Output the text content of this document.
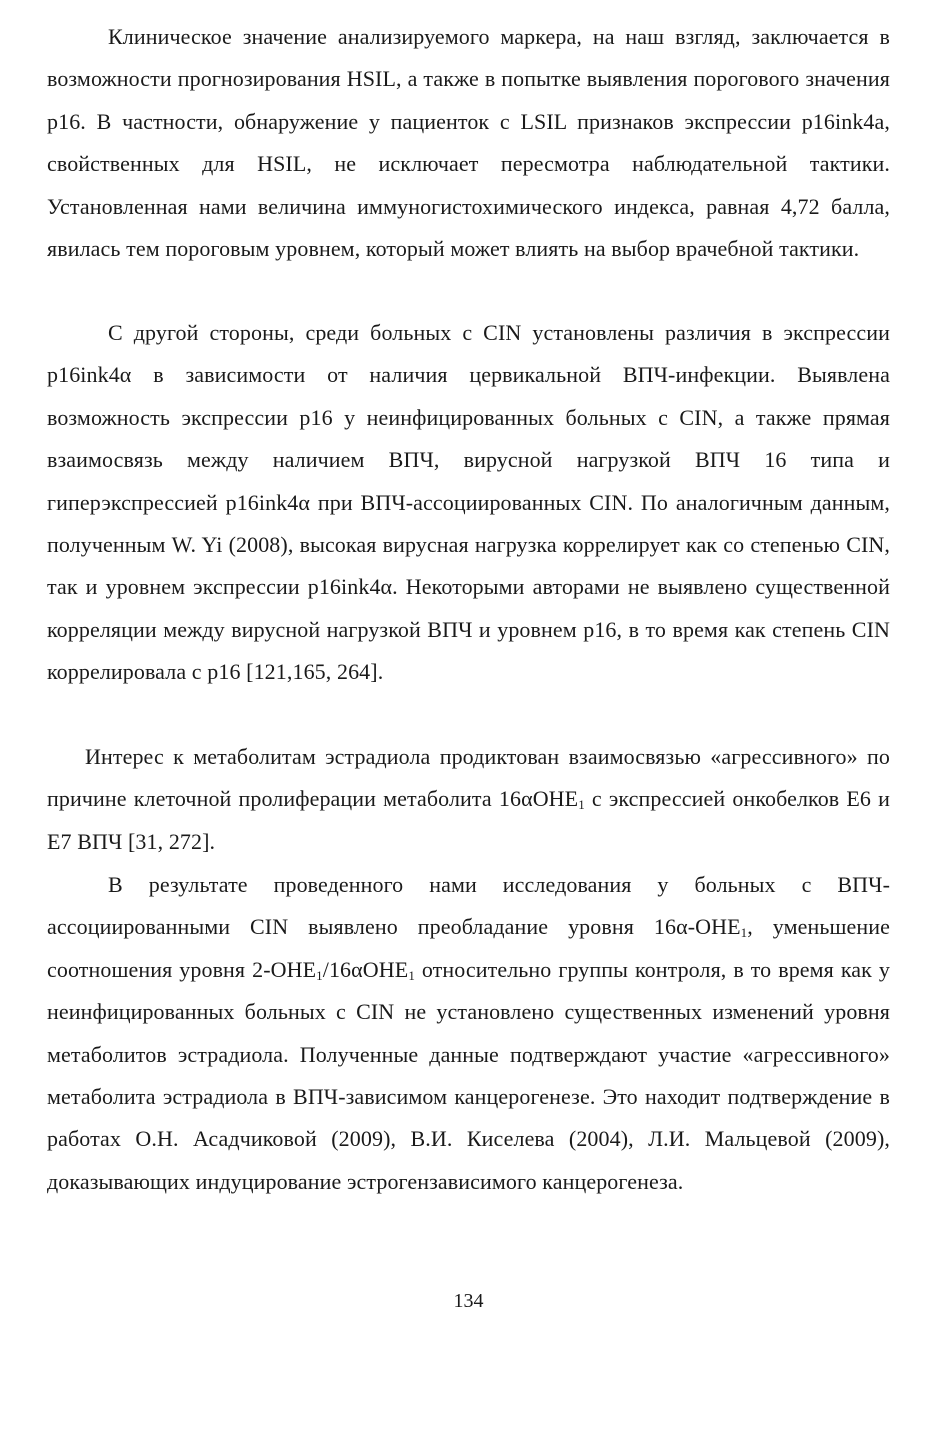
Клиническое значение анализируемого маркера, на наш взгляд, заключается в возможности прогнозирования HSIL, а также в попытке выявления порогового значения p16. В частности, обнаружение у пациенток с LSIL признаков экспрессии p16ink4a, свойственных для HSIL, не исключает пересмотра наблюдательной тактики. Установленная нами величина иммуногистохимического индекса, равная 4,72 балла, явилась тем пороговым уровнем, который может влиять на выбор врачебной тактики.

С другой стороны, среди больных с CIN установлены различия в экспрессии p16ink4α в зависимости от наличия цервикальной ВПЧ-инфекции. Выявлена возможность экспрессии p16 у неинфицированных больных с CIN, а также прямая взаимосвязь между наличием ВПЧ, вирусной нагрузкой ВПЧ 16 типа и гиперэкспрессией p16ink4α при ВПЧ-ассоциированных CIN. По аналогичным данным, полученным W. Yi (2008), высокая вирусная нагрузка коррелирует как со степенью CIN, так и уровнем экспрессии p16ink4α. Некоторыми авторами не выявлено существенной корреляции между вирусной нагрузкой ВПЧ и уровнем p16, в то время как степень CIN коррелировала с p16 [121,165, 264].

Интерес к метаболитам эстрадиола продиктован взаимосвязью «агрессивного» по причине клеточной пролиферации метаболита 16αOHE$_1$ с экспрессией онкобелков E6 и E7 ВПЧ [31, 272].

В результате проведенного нами исследования у больных с ВПЧ-ассоциированными CIN выявлено преобладание уровня $16\alpha-OHE_1$, уменьшение соотношения уровня $2-OHE_1/16\alpha OHE_1$ относительно группы контроля, в то время как у неинфицированных больных с CIN не установлено существенных изменений уровня метаболитов эстрадиола. Полученные данные подтверждают участие «агрессивного» метаболита эстрадиола в ВПЧ-зависимом канцерогенезе. Это находит подтверждение в работах О.Н. Асадчиковой (2009), В.И. Киселева (2004), Л.И. Мальцевой (2009), доказывающих индуцирование эстрогензависимого канцерогенеза.

134
